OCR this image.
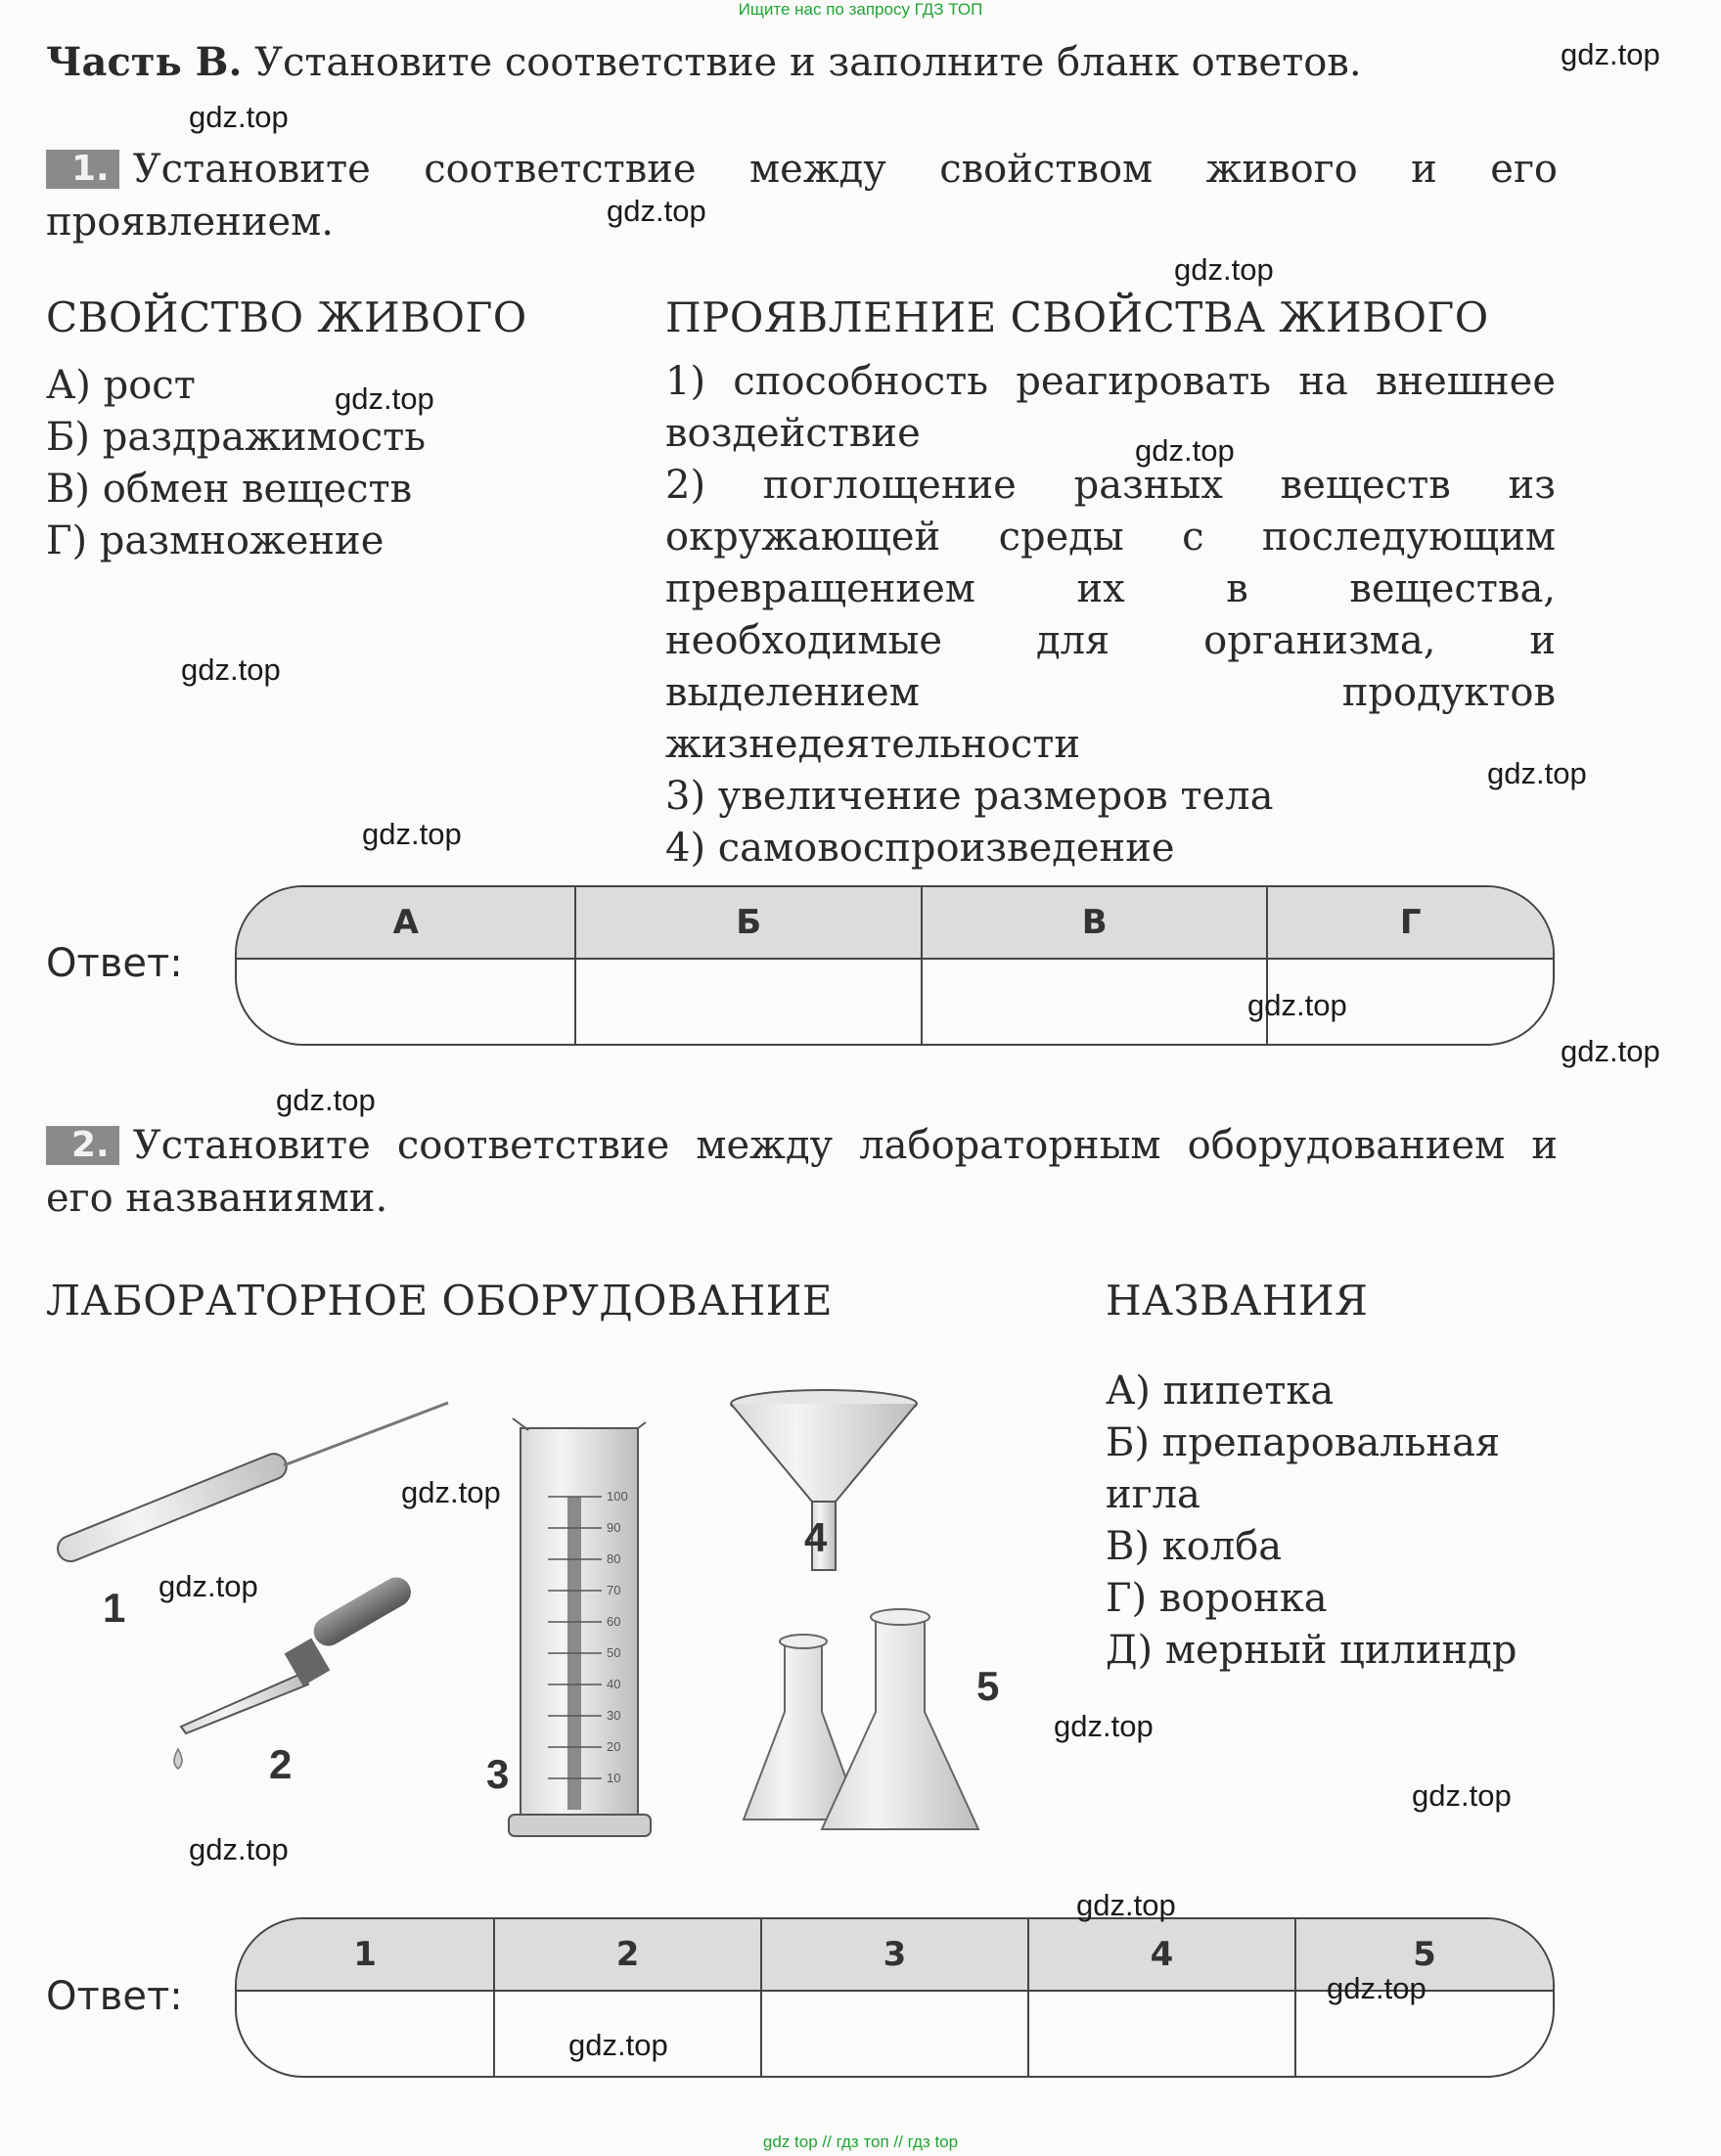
Ищите нас по запросу ГДЗ ТОП
Часть В. Установите соответствие и заполните бланк ответов.
1. Установите соответствие между свойством живого и его проявлением.
СВОЙСТВО ЖИВОГО	ПРОЯВЛЕНИЕ СВОЙСТВА ЖИВОГО
А) рост
Б) раздражимость
В) обмен веществ
Г) размножение
1) способность реагировать на внешнее воздействие
2) поглощение разных веществ из окружающей среды с последующим превращением их в вещества, необходимые для организма, и выделением продуктов жизнедеятельности
3) увеличение размеров тела
4) самовоспроизведение
Ответ:
А	Б	В	Г

2. Установите соответствие между лабораторным оборудованием и его названиями.
ЛАБОРАТОРНОЕ ОБОРУДОВАНИЕ	НАЗВАНИЯ
А) пипетка
Б) препаровальная игла
В) колба
Г) воронка
Д) мерный цилиндр
100
90
80
70
60
50
40
30
20
10
1
2	3
4
5
Ответ:
1	2	3	4	5

gdz.top
gdz.top
gdz.top
gdz.top
gdz.top
gdz.top
gdz.top
gdz.top
gdz.top
gdz.top
gdz.top
gdz.top
gdz.top
gdz.top
gdz.top
gdz.top
gdz.top
gdz.top
gdz.top
gdz.top
gdz top // гдз топ // гдз top
